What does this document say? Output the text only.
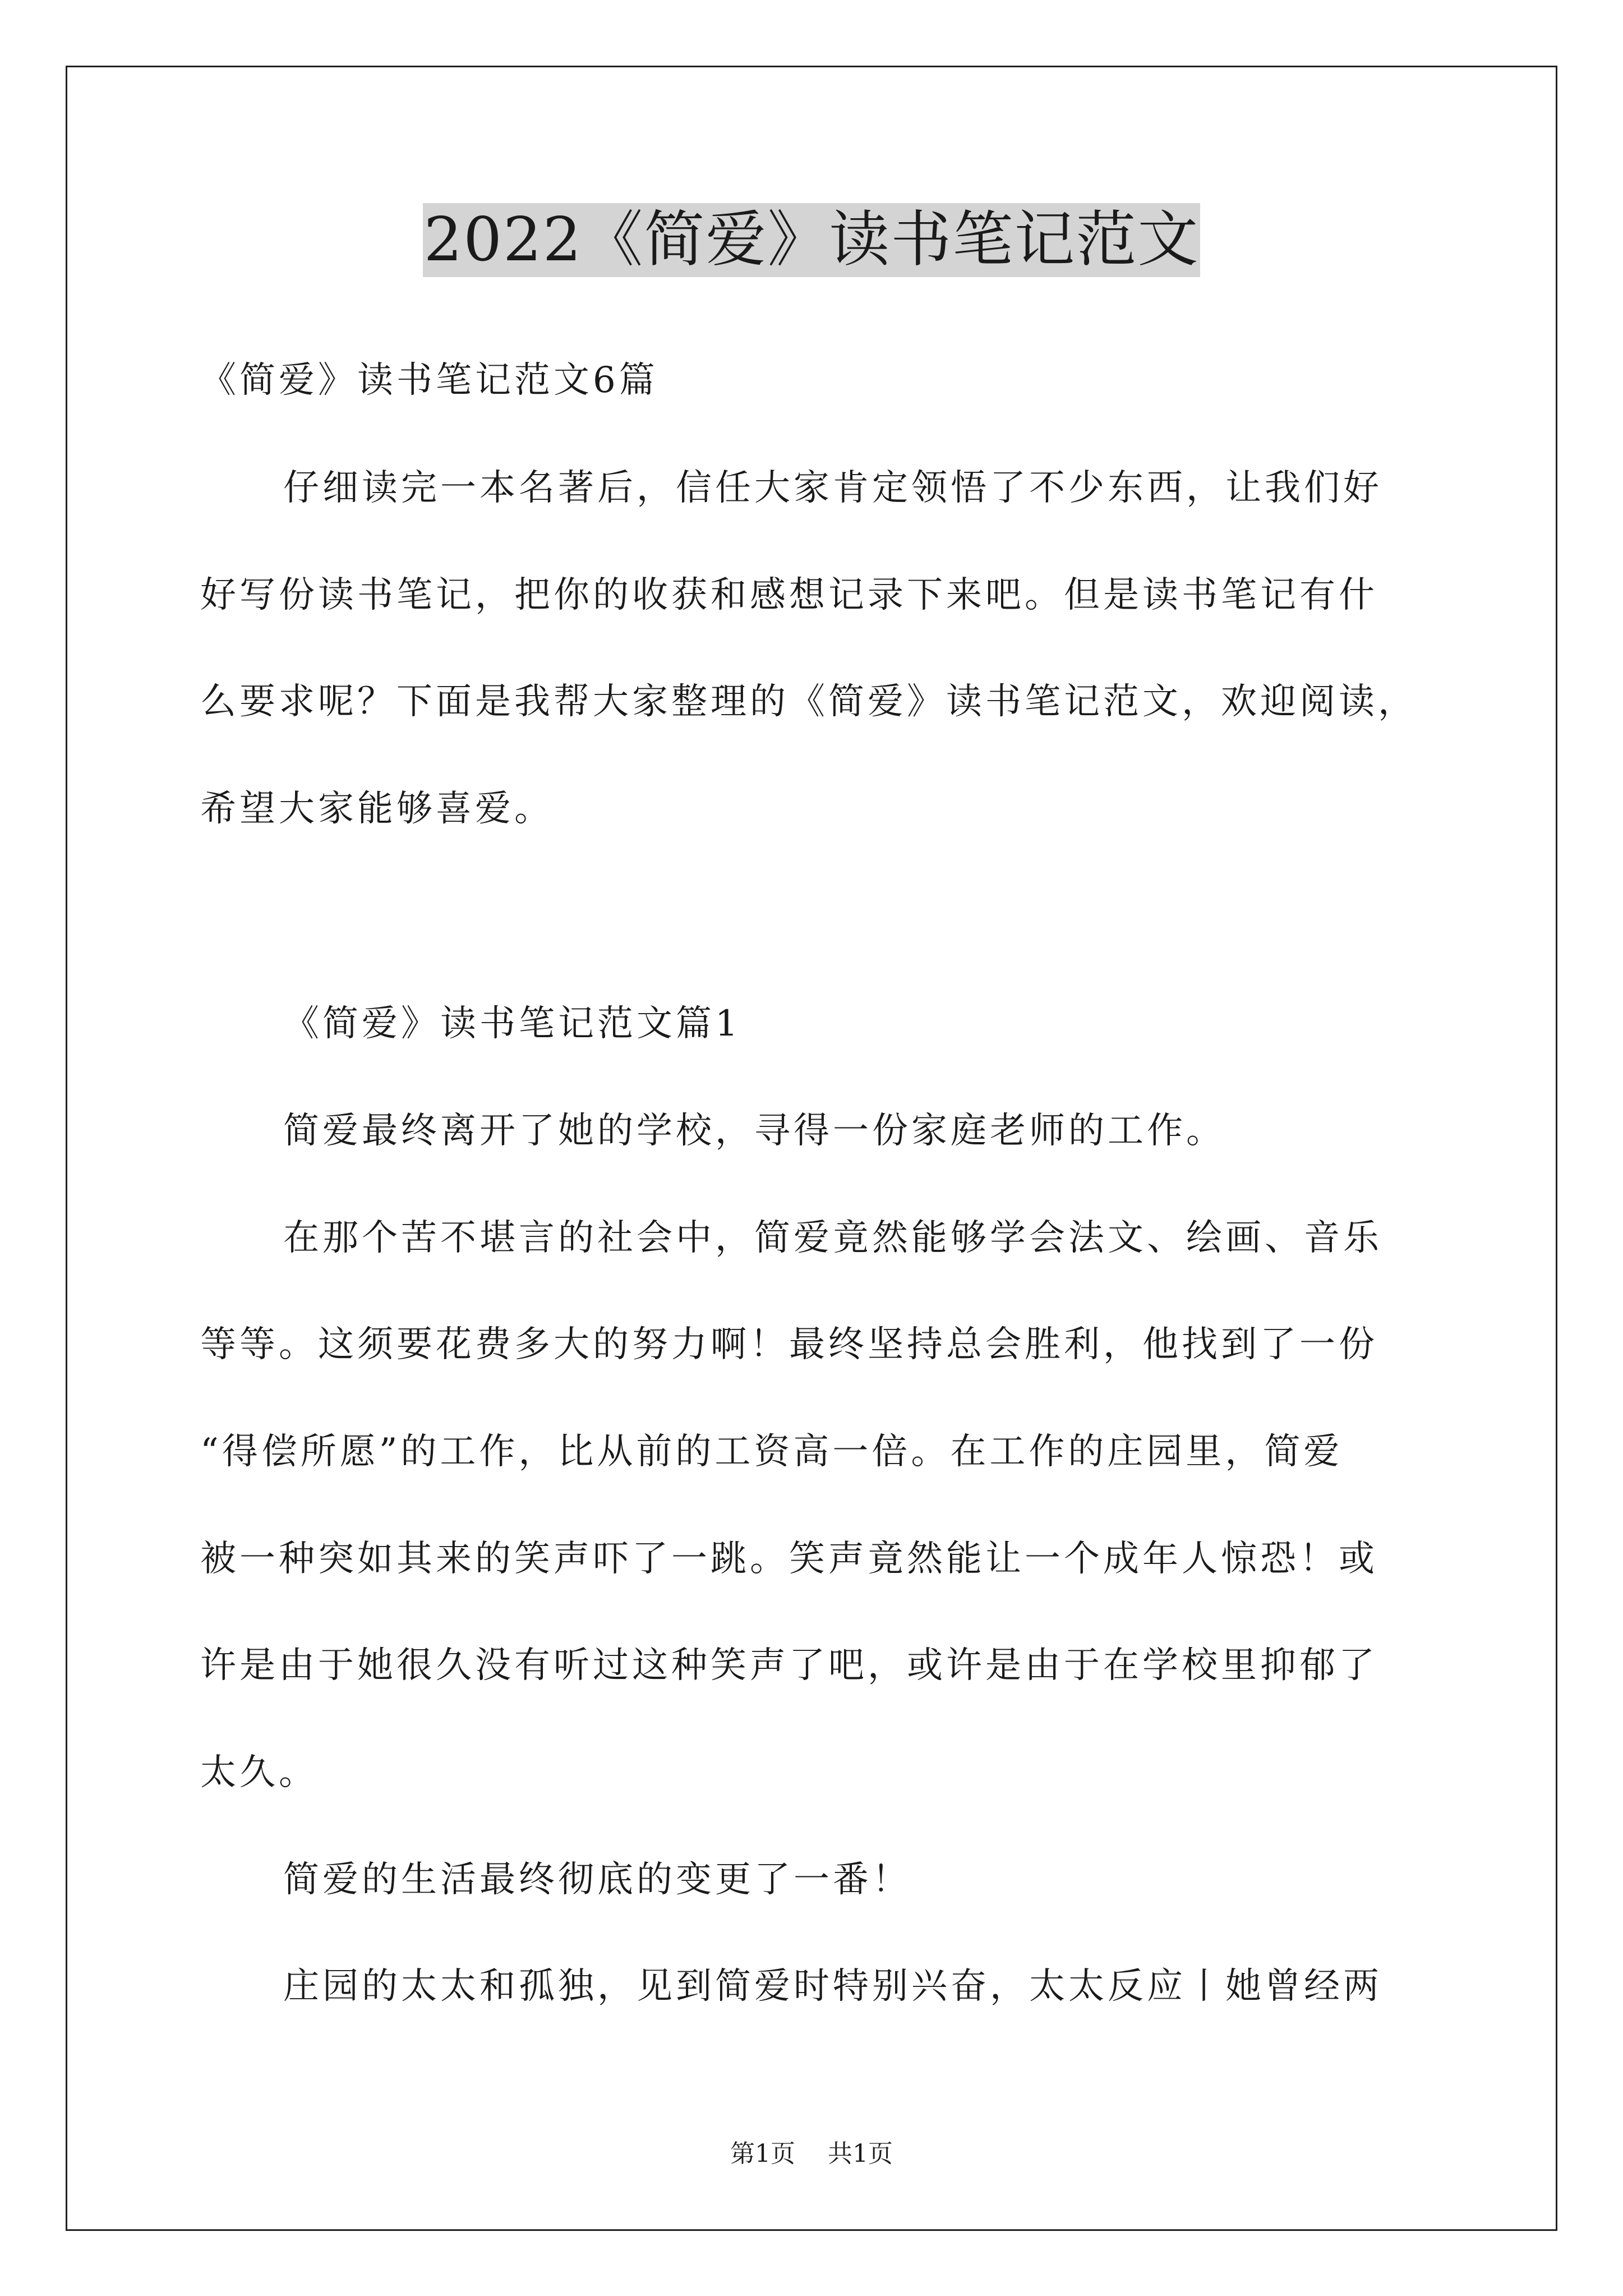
2022《简爱》读书笔记范文
《简爱》读书笔记范文6篇
仔细读完一本名著后，信任大家肯定领悟了不少东西，让我们好
好写份读书笔记，把你的收获和感想记录下来吧。但是读书笔记有什
么要求呢？下面是我帮大家整理的《简爱》读书笔记范文，欢迎阅读，
希望大家能够喜爱。
《简爱》读书笔记范文篇1
简爱最终离开了她的学校，寻得一份家庭老师的工作。
在那个苦不堪言的社会中，简爱竟然能够学会法文、绘画、音乐
等等。这须要花费多大的努力啊！最终坚持总会胜利，他找到了一份
“得偿所愿”的工作，比从前的工资高一倍。在工作的庄园里，简爱
被一种突如其来的笑声吓了一跳。笑声竟然能让一个成年人惊恐！或
许是由于她很久没有听过这种笑声了吧，或许是由于在学校里抑郁了
太久。
简爱的生活最终彻底的变更了一番！
庄园的太太和孤独，见到简爱时特别兴奋，太太反应丨她曾经两
第1页 共1页
